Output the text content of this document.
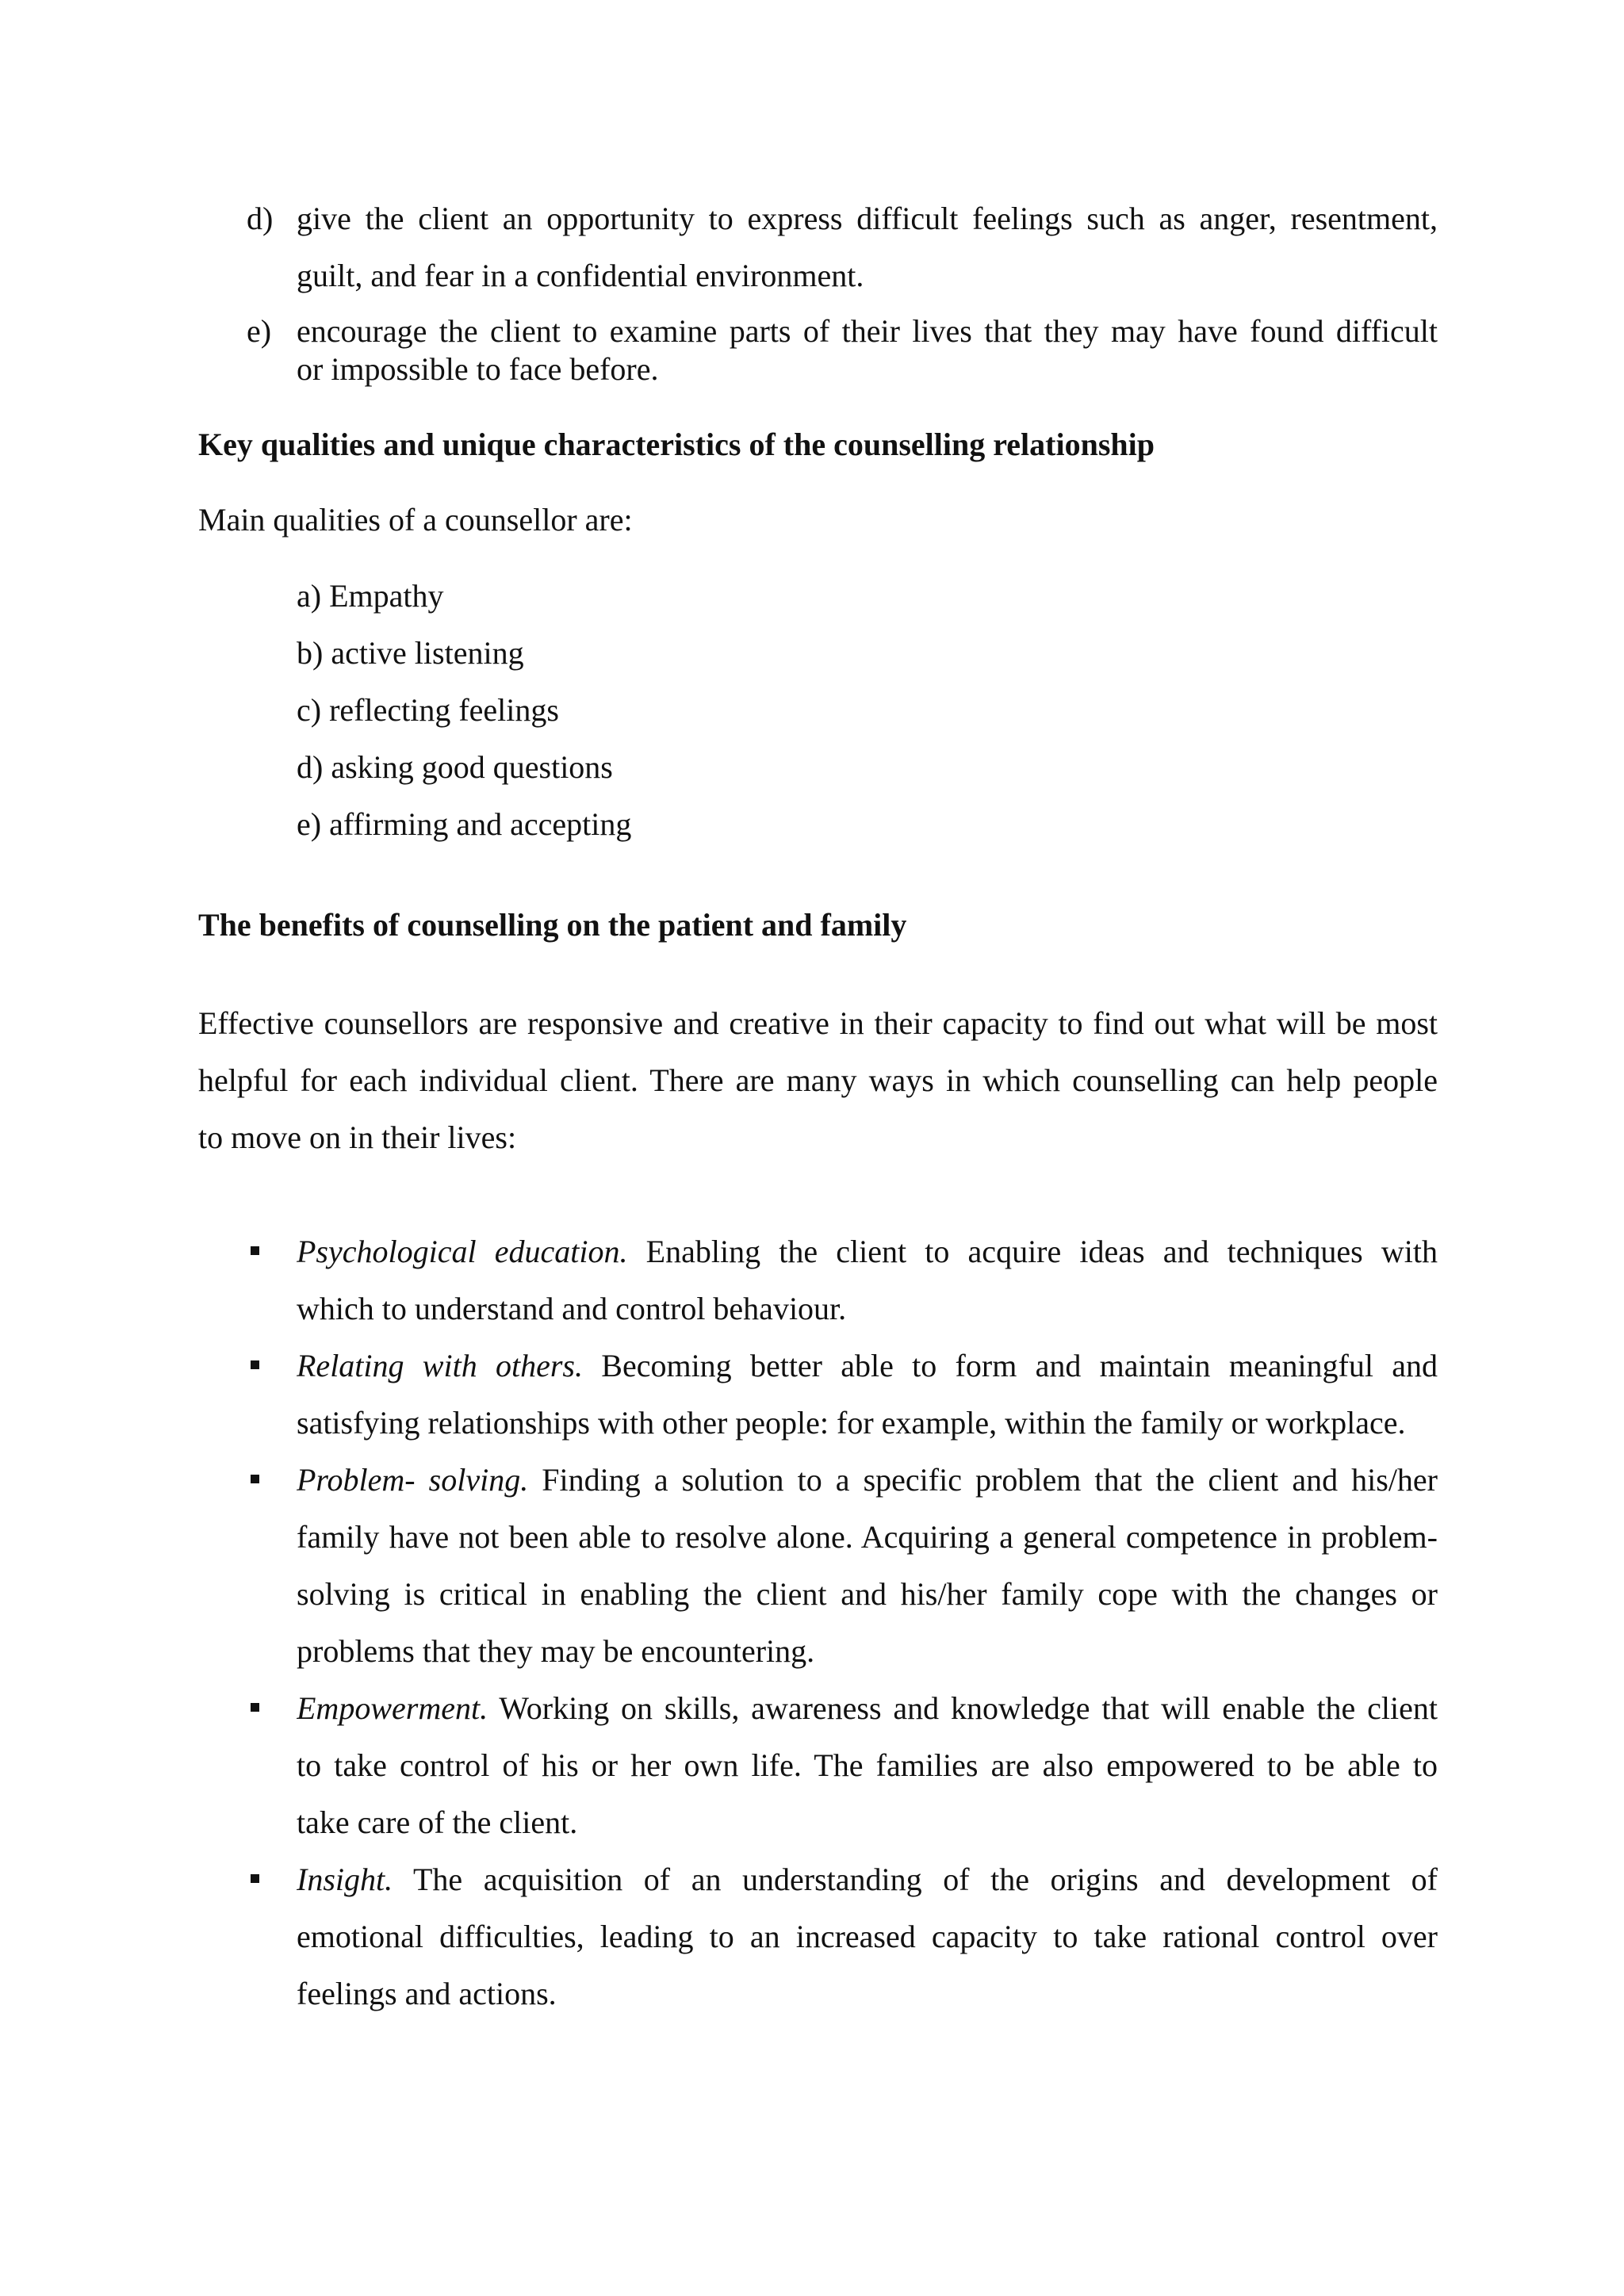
d) give the client an opportunity to express difficult feelings such as anger, resentment,
guilt, and fear in a confidential environment.
e) encourage the client to examine parts of their lives that they may have found difficult
or impossible to face before.
Key qualities and unique characteristics of the counselling relationship
Main qualities of a counsellor are:
a) Empathy
b) active listening
c) reflecting feelings
d) asking good questions
e) affirming and accepting
The benefits of counselling on the patient and family
Effective counsellors are responsive and creative in their capacity to find out what will be most
helpful for each individual client. There are many ways in which counselling can help people
to move on in their lives:
Psychological education. Enabling the client to acquire ideas and techniques with
which to understand and control behaviour.
Relating with others. Becoming better able to form and maintain meaningful and
satisfying relationships with other people: for example, within the family or workplace.
Problem- solving. Finding a solution to a specific problem that the client and his/her
family have not been able to resolve alone. Acquiring a general competence in problem-
solving is critical in enabling the client and his/her family cope with the changes or
problems that they may be encountering.
Empowerment. Working on skills, awareness and knowledge that will enable the client
to take control of his or her own life. The families are also empowered to be able to
take care of the client.
Insight. The acquisition of an understanding of the origins and development of
emotional difficulties, leading to an increased capacity to take rational control over
feelings and actions.
